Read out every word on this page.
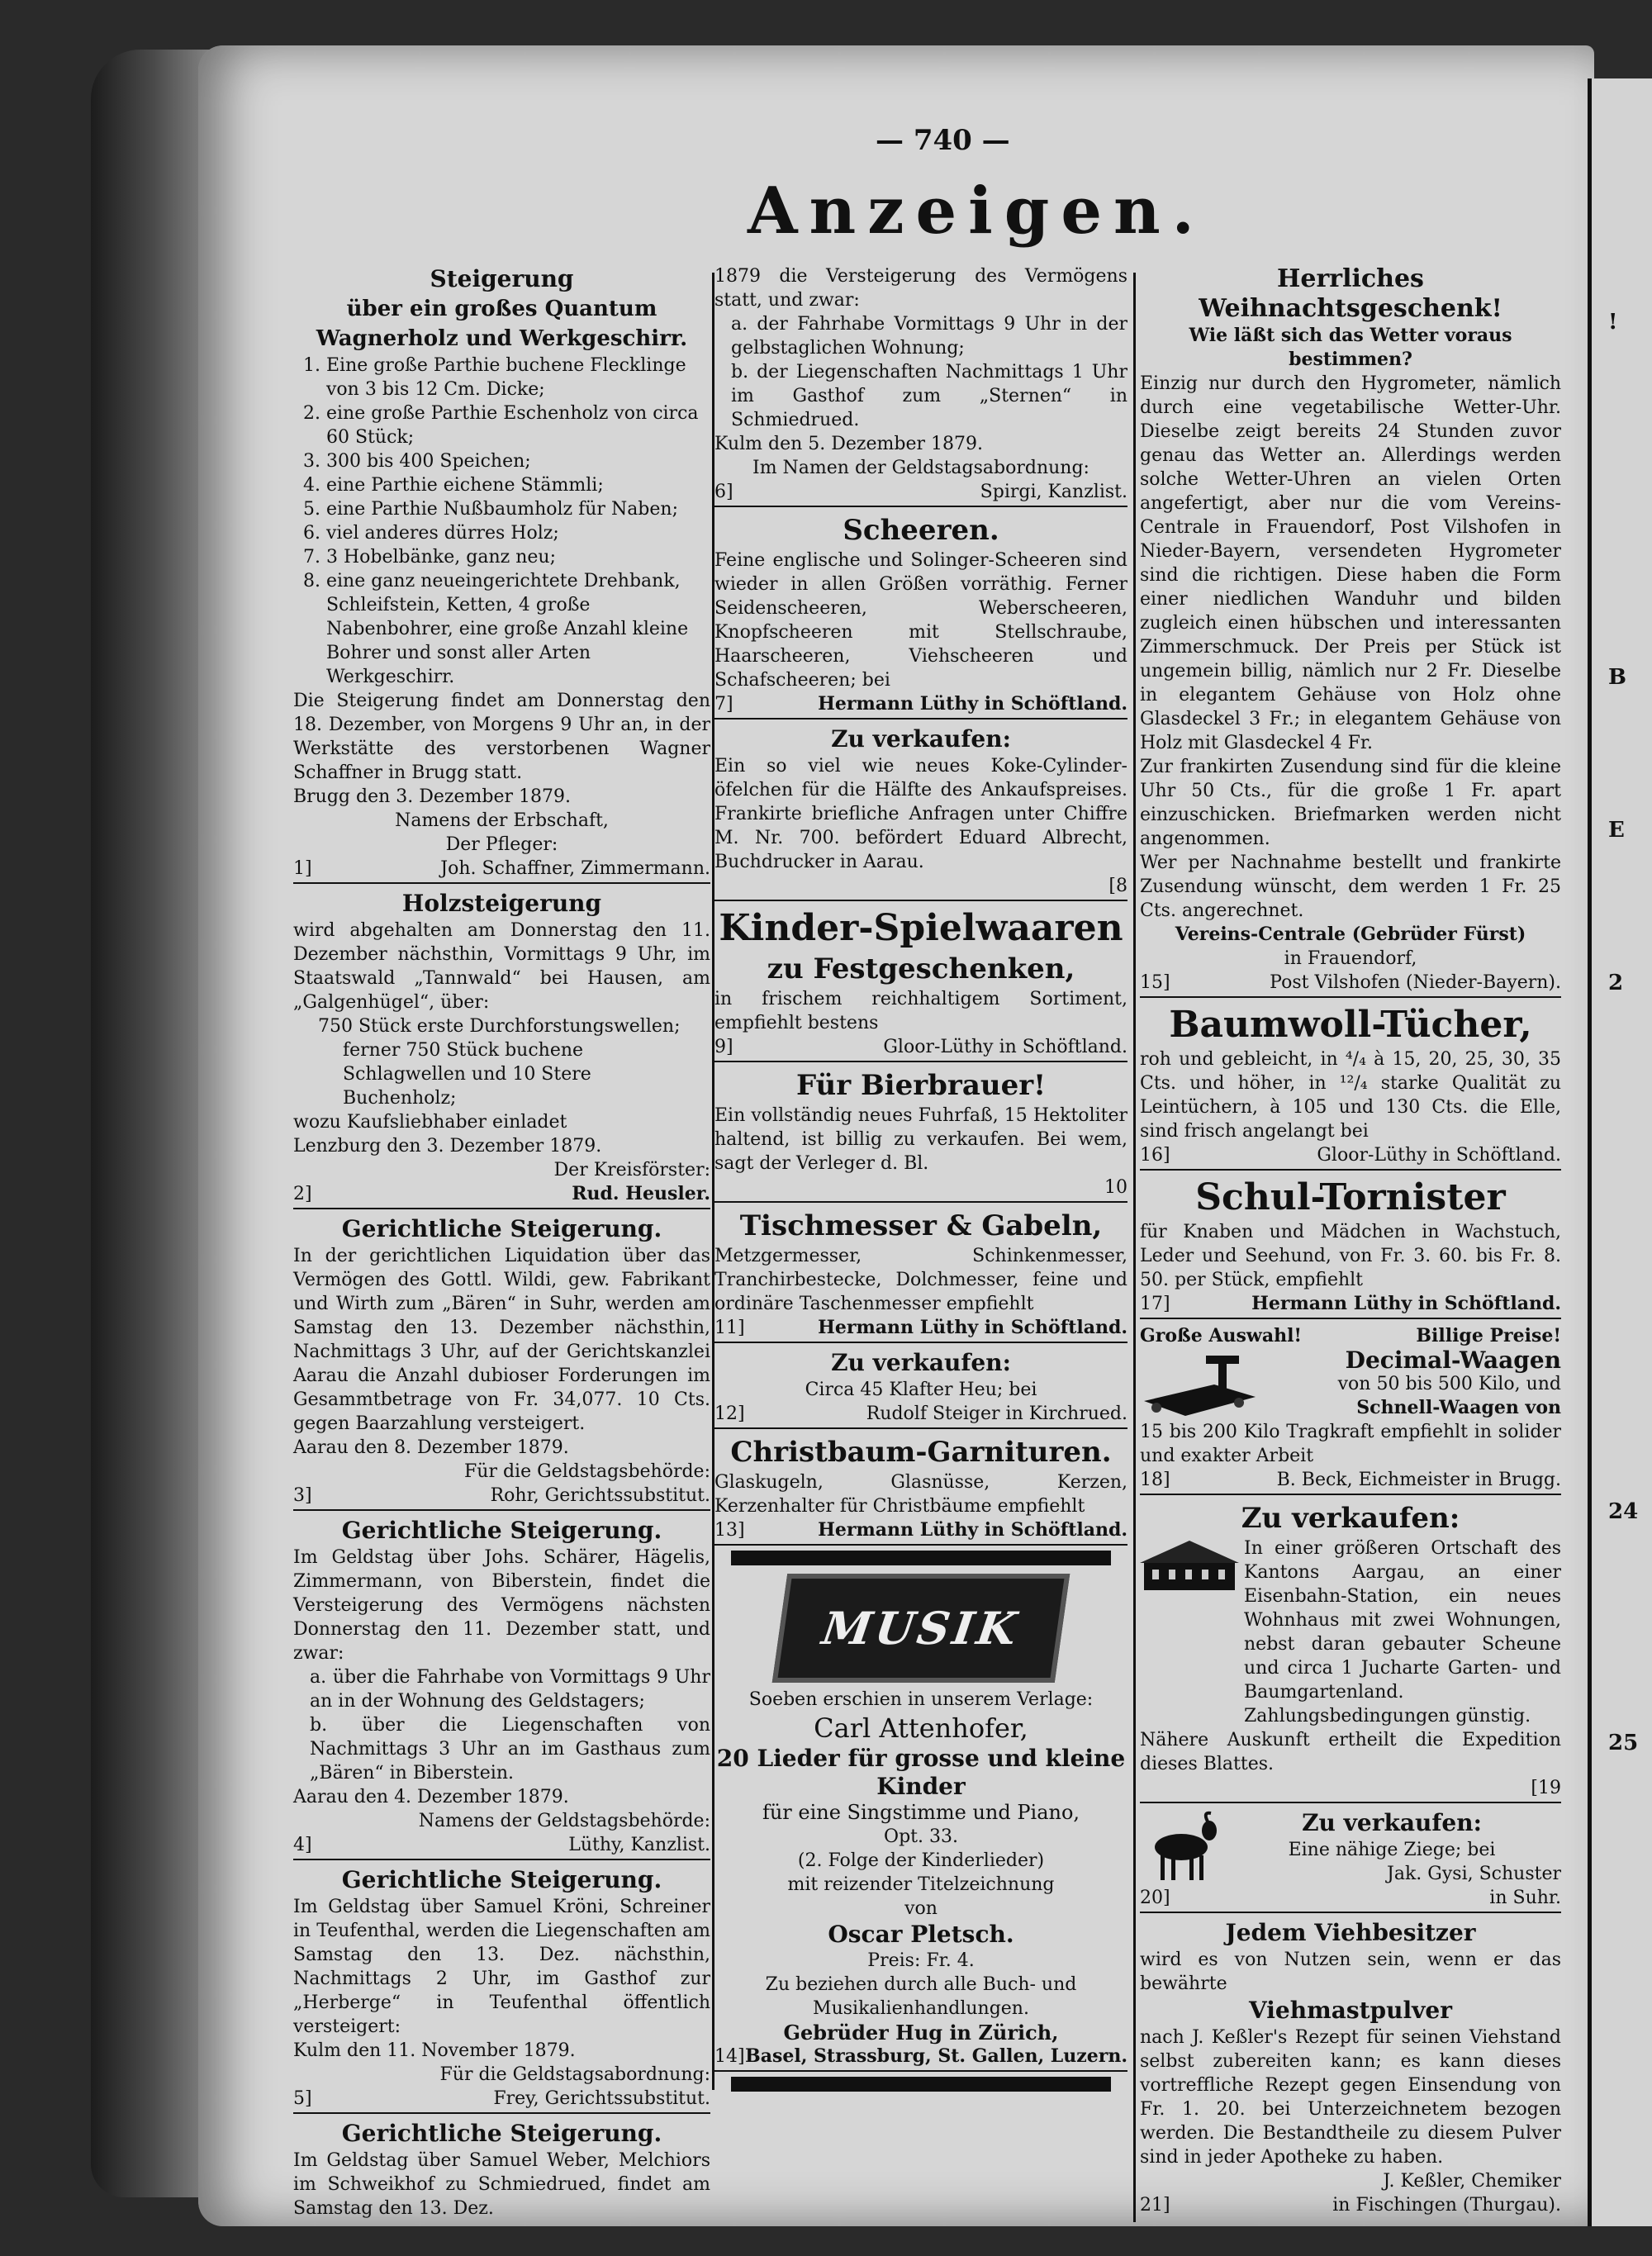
!
B
E
2
24
25
— 740 —
Anzeigen.
Steigerung
über ein großes Quantum Wagnerholz und Werkgeschirr.
1. Eine große Parthie buchene Flecklinge von 3 bis 12 Cm. Dicke;
2. eine große Parthie Eschenholz von circa 60 Stück;
3. 300 bis 400 Speichen;
4. eine Parthie eichene Stämmli;
5. eine Parthie Nußbaumholz für Naben;
6. viel anderes dürres Holz;
7. 3 Hobelbänke, ganz neu;
8. eine ganz neueingerichtete Drehbank, Schleifstein, Ketten, 4 große Nabenbohrer, eine große Anzahl kleine Bohrer und sonst aller Arten Werkgeschirr.

Die Steigerung findet am Donnerstag den 18. Dezember, von Morgens 9 Uhr an, in der Werkstätte des verstorbenen Wagner Schaffner in Brugg statt.

Brugg den 3. Dezember 1879.
Namens der Erbschaft,
Der Pfleger:
1]	Joh. Schaffner, Zimmermann.
Holzsteigerung

wird abgehalten am Donnerstag den 11. Dezember nächsthin, Vormittags 9 Uhr, im Staatswald „Tannwald“ bei Hausen, am „Galgenhügel“, über:

750 Stück erste Durchforstungswellen;
ferner 750 Stück buchene Schlagwellen und 10 Stere Buchenholz;
wozu Kaufsliebhaber einladet
Lenzburg den 3. Dezember 1879.
Der Kreisförster:
2]	Rud. Heusler.
Gerichtliche Steigerung.

In der gerichtlichen Liquidation über das Vermögen des Gottl. Wildi, gew. Fabrikant und Wirth zum „Bären“ in Suhr, werden am Samstag den 13. Dezember nächsthin, Nachmittags 3 Uhr, auf der Gerichtskanzlei Aarau die Anzahl dubioser Forderungen im Gesammtbetrage von Fr. 34,077. 10 Cts. gegen Baarzahlung versteigert.

Aarau den 8. Dezember 1879.
Für die Geldstagsbehörde:
3]	Rohr, Gerichtssubstitut.
Gerichtliche Steigerung.

Im Geldstag über Johs. Schärer, Hägelis, Zimmermann, von Biberstein, findet die Versteigerung des Vermögens nächsten Donnerstag den 11. Dezember statt, und zwar:

a. über die Fahrhabe von Vormittags 9 Uhr an in der Wohnung des Geldstagers;

b. über die Liegenschaften von Nachmittags 3 Uhr an im Gasthaus zum „Bären“ in Biberstein.

Aarau den 4. Dezember 1879.
Namens der Geldstagsbehörde:
4]	Lüthy, Kanzlist.
Gerichtliche Steigerung.

Im Geldstag über Samuel Kröni, Schreiner in Teufenthal, werden die Liegenschaften am Samstag den 13. Dez. nächsthin, Nachmittags 2 Uhr, im Gasthof zur „Herberge“ in Teufenthal öffentlich versteigert:

Kulm den 11. November 1879.
Für die Geldstagsabordnung:
5]	Frey, Gerichtssubstitut.
Gerichtliche Steigerung.

Im Geldstag über Samuel Weber, Melchiors im Schweikhof zu Schmiedrued, findet am Samstag den 13. Dez.

1879 die Versteigerung des Vermögens statt, und zwar:

a. der Fahrhabe Vormittags 9 Uhr in der gelbstaglichen Wohnung;

b. der Liegenschaften Nachmittags 1 Uhr im Gasthof zum „Sternen“ in Schmiedrued.

Kulm den 5. Dezember 1879.
Im Namen der Geldstagsabordnung:
6]	Spirgi, Kanzlist.
Scheeren.

Feine englische und Solinger-Scheeren sind wieder in allen Größen vorräthig. Ferner Seidenscheeren, Weberscheeren, Knopfscheeren mit Stellschraube, Haarscheeren, Viehscheeren und Schafscheeren; bei

7]	Hermann Lüthy in Schöftland.
Zu verkaufen:

Ein so viel wie neues Koke-Cylinder-öfelchen für die Hälfte des Ankaufspreises. Frankirte briefliche Anfragen unter Chiffre M. Nr. 700. befördert Eduard Albrecht, Buchdrucker in Aarau.

[8
Kinder-Spielwaaren
zu Festgeschenken,

in frischem reichhaltigem Sortiment, empfiehlt bestens

9]	Gloor-Lüthy in Schöftland.
Für Bierbrauer!

Ein vollständig neues Fuhrfaß, 15 Hektoliter haltend, ist billig zu verkaufen. Bei wem, sagt der Verleger d. Bl.

10
Tischmesser & Gabeln,

Metzgermesser, Schinkenmesser, Tranchirbestecke, Dolchmesser, feine und ordinäre Taschenmesser empfiehlt

11]	Hermann Lüthy in Schöftland.
Zu verkaufen:
Circa 45 Klafter Heu; bei
12]	Rudolf Steiger in Kirchrued.
Christbaum-Garnituren.

Glaskugeln, Glasnüsse, Kerzen, Kerzenhalter für Christbäume empfiehlt

13]	Hermann Lüthy in Schöftland.
MUSIK
Soeben erschien in unserem Verlage:
Carl Attenhofer,
20 Lieder für grosse und kleine Kinder
für eine Singstimme und Piano,
Opt. 33.
(2. Folge der Kinderlieder)
mit reizender Titelzeichnung
von
Oscar Pletsch.
Preis: Fr. 4.
Zu beziehen durch alle Buch- und Musikalienhandlungen.
Gebrüder Hug in Zürich,
14] Basel, Strassburg, St. Gallen, Luzern.
Herrliches Weihnachtsgeschenk!
Wie läßt sich das Wetter voraus bestimmen?

Einzig nur durch den Hygrometer, nämlich durch eine vegetabilische Wetter-Uhr. Dieselbe zeigt bereits 24 Stunden zuvor genau das Wetter an. Allerdings werden solche Wetter-Uhren an vielen Orten angefertigt, aber nur die vom Vereins-Centrale in Frauendorf, Post Vilshofen in Nieder-Bayern, versendeten Hygrometer sind die richtigen. Diese haben die Form einer niedlichen Wanduhr und bilden zugleich einen hübschen und interessanten Zimmerschmuck. Der Preis per Stück ist ungemein billig, nämlich nur 2 Fr. Dieselbe in elegantem Gehäuse von Holz ohne Glasdeckel 3 Fr.; in elegantem Gehäuse von Holz mit Glasdeckel 4 Fr.

Zur frankirten Zusendung sind für die kleine Uhr 50 Cts., für die große 1 Fr. apart einzuschicken. Briefmarken werden nicht angenommen.

Wer per Nachnahme bestellt und frankirte Zusendung wünscht, dem werden 1 Fr. 25 Cts. angerechnet.

Vereins-Centrale (Gebrüder Fürst)
in Frauendorf,
15]	Post Vilshofen (Nieder-Bayern).
Baumwoll-Tücher,

roh und gebleicht, in ⁴/₄ à 15, 20, 25, 30, 35 Cts. und höher, in ¹²/₄ starke Qualität zu Leintüchern, à 105 und 130 Cts. die Elle, sind frisch angelangt bei

16]	Gloor-Lüthy in Schöftland.
Schul-Tornister

für Knaben und Mädchen in Wachstuch, Leder und Seehund, von Fr. 3. 60. bis Fr. 8. 50. per Stück, empfiehlt

17]	Hermann Lüthy in Schöftland.
Große Auswahl!	Billige Preise!
Decimal-Waagen
von 50 bis 500 Kilo, und
Schnell-Waagen von

15 bis 200 Kilo Tragkraft empfiehlt in solider und exakter Arbeit

18]	B. Beck, Eichmeister in Brugg.
Zu verkaufen:

In einer größeren Ortschaft des Kantons Aargau, an einer Eisenbahn-Station, ein neues Wohnhaus mit zwei Wohnungen, nebst daran gebauter Scheune und circa 1 Jucharte Garten- und Baumgartenland. Zahlungsbedingungen günstig.

Nähere Auskunft ertheilt die Expedition dieses Blattes.

[19
Zu verkaufen:
Eine nähige Ziege; bei
Jak. Gysi, Schuster
20]	in Suhr.
Jedem Viehbesitzer

wird es von Nutzen sein, wenn er das bewährte

Viehmastpulver

nach J. Keßler's Rezept für seinen Viehstand selbst zubereiten kann; es kann dieses vortreffliche Rezept gegen Einsendung von Fr. 1. 20. bei Unterzeichnetem bezogen werden. Die Bestandtheile zu diesem Pulver sind in jeder Apotheke zu haben.

J. Keßler, Chemiker
21]	in Fischingen (Thurgau).
